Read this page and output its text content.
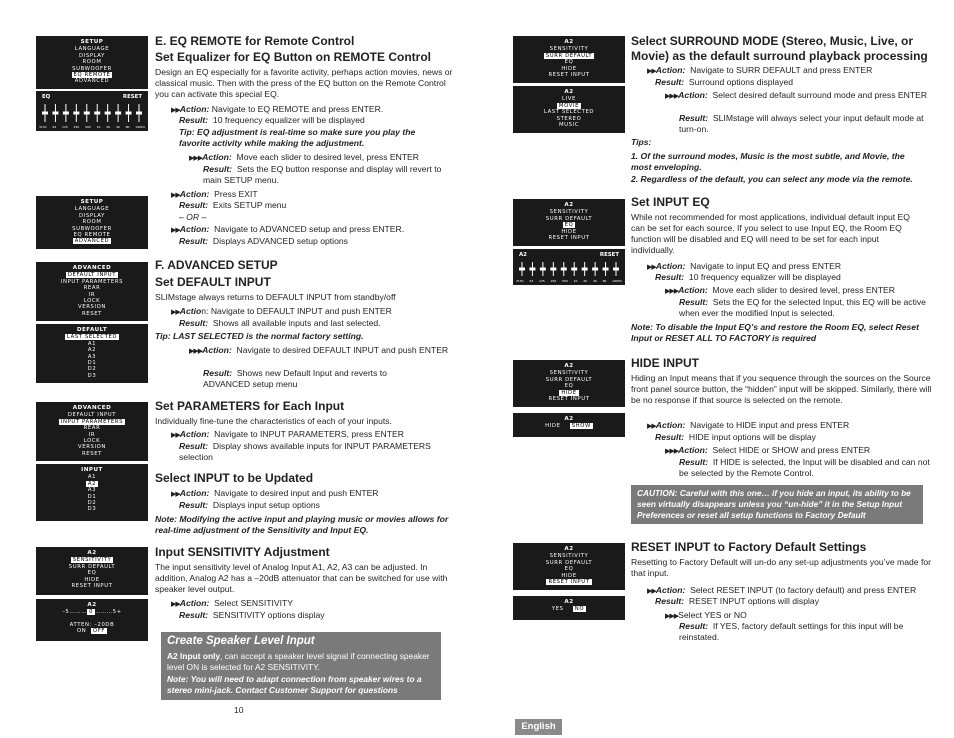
SETUP
LANGUAGE
DISPLAY
ROOM
SUBWOOFER
EQ REMOTE
ADVANCED
EQ	RESET
31Hz 63 125 250 500 1K 2K 4K 8K 16KHz
SETUP
LANGUAGE
DISPLAY
ROOM
SUBWOOFER
EQ REMOTE
ADVANCED
ADVANCED
DEFAULT INPUT
INPUT PARAMETERS
REAR
IR
LOCK
VERSION
RESET
DEFAULT
LAST SELECTED
A1
A2
A3
D1
D2
D3
ADVANCED
DEFAULT INPUT
INPUT PARAMETERS
REAR
IR
LOCK
VERSION
RESET
INPUT
A1
A2
A3
D1
D2
D3
A2
SENSITIVITY
SURR DEFAULT
EQ
HIDE
RESET INPUT
A2
–5……… 0 ………5+
ATTEN: –20DB
ON OFF
E. EQ REMOTE for Remote Control
Set Equalizer for EQ Button on REMOTE Control

Design an EQ especially for a favorite activity, perhaps action movies, news or classical music. Then with the press of the EQ button on the Remote Control you can activate this special EQ.

▶▶Action: Navigate to EQ REMOTE and press ENTER.
Result: 10 frequency equalizer will be displayed
Tip: EQ adjustment is real-time so make sure you play the favorite activity while making the adjustment.
▶▶▶Action: Move each slider to desired level, press ENTER
Result: Sets the EQ button response and display will revert to main SETUP menu.
▶▶Action: Press EXIT
Result: Exits SETUP menu
– OR –
▶▶Action: Navigate to ADVANCED setup and press ENTER.
Result: Displays ADVANCED setup options
F. ADVANCED SETUP
Set DEFAULT INPUT

SLIMstage always returns to DEFAULT INPUT from standby/off

▶▶Action: Navigate to DEFAULT INPUT and push ENTER
Result: Shows all available inputs and last selected.
Tip: LAST SELECTED is the normal factory setting.
▶▶▶Action: Navigate to desired DEFAULT INPUT and push ENTER
Result: Shows new Default Input and reverts to ADVANCED setup menu
Set PARAMETERS for Each Input

Individually fine-tune the characteristics of each of your inputs.

▶▶Action: Navigate to INPUT PARAMETERS, press ENTER
Result: Display shows available inputs for INPUT PARAMETERS selection
Select INPUT to be Updated
▶▶Action: Navigate to desired input and push ENTER
Result: Displays input setup options
Note: Modifying the active input and playing music or movies allows for real-time adjustment of the Sensitivity and Input EQ.
Input SENSITIVITY Adjustment

The input sensitivity level of Analog Input A1, A2, A3 can be adjusted. In addition, Analog A2 has a –20dB attenuator that can be switched for use with speaker level output.

▶▶Action: Select SENSITIVITY
Result: SENSITIVITY options display
Create Speaker Level Input
A2 Input only, can accept a speaker level signal if connecting speaker level ON is selected for A2 SENSITIVITY.
Note: You will need to adapt connection from speaker wires to a stereo mini-jack. Contact Customer Support for questions
10
A2
SENSITIVITY
SURR DEFAULT
EQ
HIDE
RESET INPUT
A2
LIVE
MOVIE
LAST SELECTED
STEREO
MUSIC
A2
SENSITIVITY
SURR DEFAULT
EQ
HIDE
RESET INPUT
A2	RESET
31Hz 63 125 250 500 1K 2K 4K 8K 16KHz
A2
SENSITIVITY
SURR DEFAULT
EQ
HIDE
RESET INPUT
A2
HIDE SHOW
A2
SENSITIVITY
SURR DEFAULT
EQ
HIDE
RESET INPUT
A2
YES NO
Select SURROUND MODE (Stereo, Music, Live, or Movie) as the default surround playback processing
▶▶Action: Navigate to SURR DEFAULT and press ENTER
Result: Surround options displayed
▶▶▶Action: Select desired default surround mode and press ENTER
Result: SLIMstage will always select your input default mode at turn-on.
Tips:
1. Of the surround modes, Music is the most subtle, and Movie, the most enveloping.
2. Regardless of the default, you can select any mode via the remote.
Set INPUT EQ

While not recommended for most applications, individual default input EQ can be set for each source. If you select to use Input EQ, the Room EQ function will be disabled and EQ will need to be set for each input individually.

▶▶Action: Navigate to input EQ and press ENTER
Result: 10 frequency equalizer will be displayed
▶▶▶Action: Move each slider to desired level, press ENTER
Result: Sets the EQ for the selected Input, this EQ will be active when ever the modified Input is selected.
Note: To disable the Input EQ’s and restore the Room EQ, select Reset Input or RESET ALL TO FACTORY is required
HIDE INPUT

Hiding an Input means that if you sequence through the sources on the Source front panel source button, the “hidden” input will be skipped. Similarly, there will be no response if that source is selected on the remote.

▶▶Action: Navigate to HIDE input and press ENTER
Result: HIDE input options will be display
▶▶▶Action: Select HIDE or SHOW and press ENTER
Result: If HIDE is selected, the Input will be disabled and can not be selected by the Remote Control.
CAUTION: Careful with this one… if you hide an input, its ability to be seen virtually disappears unless you “un-hide” it in the Setup Input Preferences or reset all setup functions to Factory Default
RESET INPUT to Factory Default Settings

Resetting to Factory Default will un-do any set-up adjustments you’ve made for that input.

▶▶Action: Select RESET INPUT (to factory default) and press ENTER
Result: RESET INPUT options will display
▶▶▶Select YES or NO
Result: If YES, factory default settings for this input will be reinstated.
English
